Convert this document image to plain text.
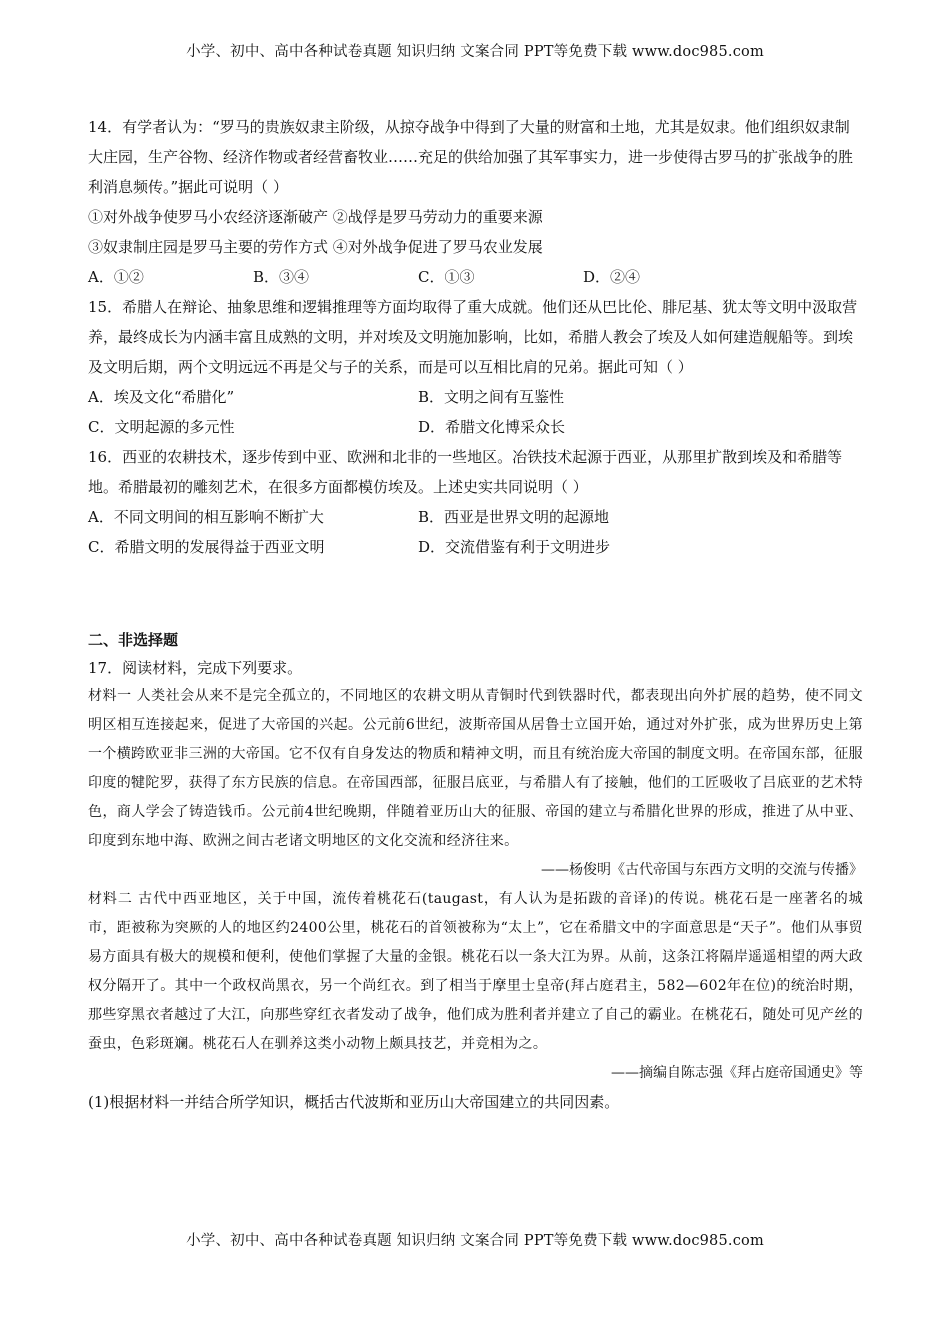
小学、初中、高中各种试卷真题 知识归纳 文案合同 PPT等免费下载 www.doc985.com

14．有学者认为：“罗马的贵族奴隶主阶级，从掠夺战争中得到了大量的财富和土地，尤其是奴隶。他们组织奴隶制大庄园，生产谷物、经济作物或者经营畜牧业……充足的供给加强了其军事实力，进一步使得古罗马的扩张战争的胜利消息频传。”据此可说明（ ）

①对外战争使罗马小农经济逐渐破产 ②战俘是罗马劳动力的重要来源

③奴隶制庄园是罗马主要的劳作方式 ④对外战争促进了罗马农业发展

A．①②	B．③④	C．①③	D．②④

15．希腊人在辩论、抽象思维和逻辑推理等方面均取得了重大成就。他们还从巴比伦、腓尼基、犹太等文明中汲取营养，最终成长为内涵丰富且成熟的文明，并对埃及文明施加影响，比如，希腊人教会了埃及人如何建造舰船等。到埃及文明后期，两个文明远远不再是父与子的关系，而是可以互相比肩的兄弟。据此可知（ ）

A．埃及文化“希腊化”	B．文明之间有互鉴性
C．文明起源的多元性	D．希腊文化博采众长

16．西亚的农耕技术，逐步传到中亚、欧洲和北非的一些地区。冶铁技术起源于西亚，从那里扩散到埃及和希腊等地。希腊最初的雕刻艺术，在很多方面都模仿埃及。上述史实共同说明（ ）

A．不同文明间的相互影响不断扩大	B．西亚是世界文明的起源地
C．希腊文明的发展得益于西亚文明	D．交流借鉴有利于文明进步

二、非选择题

17．阅读材料，完成下列要求。

材料一 人类社会从来不是完全孤立的，不同地区的农耕文明从青铜时代到铁器时代，都表现出向外扩展的趋势，使不同文明区相互连接起来，促进了大帝国的兴起。公元前6世纪，波斯帝国从居鲁士立国开始，通过对外扩张，成为世界历史上第一个横跨欧亚非三洲的大帝国。它不仅有自身发达的物质和精神文明，而且有统治庞大帝国的制度文明。在帝国东部，征服印度的犍陀罗，获得了东方民族的信息。在帝国西部，征服吕底亚，与希腊人有了接触，他们的工匠吸收了吕底亚的艺术特色，商人学会了铸造钱币。公元前4世纪晚期，伴随着亚历山大的征服、帝国的建立与希腊化世界的形成，推进了从中亚、印度到东地中海、欧洲之间古老诸文明地区的文化交流和经济往来。

——杨俊明《古代帝国与东西方文明的交流与传播》

材料二 古代中西亚地区，关于中国，流传着桃花石(taugast，有人认为是拓跋的音译)的传说。桃花石是一座著名的城市，距被称为突厥的人的地区约2400公里，桃花石的首领被称为“太上”，它在希腊文中的字面意思是“天子”。他们从事贸易方面具有极大的规模和便利，使他们掌握了大量的金银。桃花石以一条大江为界。从前，这条江将隔岸遥遥相望的两大政权分隔开了。其中一个政权尚黑衣，另一个尚红衣。到了相当于摩里士皇帝(拜占庭君主，582—602年在位)的统治时期，那些穿黑衣者越过了大江，向那些穿红衣者发动了战争，他们成为胜利者并建立了自己的霸业。在桃花石，随处可见产丝的蚕虫，色彩斑斓。桃花石人在驯养这类小动物上颇具技艺，并竞相为之。

——摘编自陈志强《拜占庭帝国通史》等

(1)根据材料一并结合所学知识，概括古代波斯和亚历山大帝国建立的共同因素。

小学、初中、高中各种试卷真题 知识归纳 文案合同 PPT等免费下载 www.doc985.com
